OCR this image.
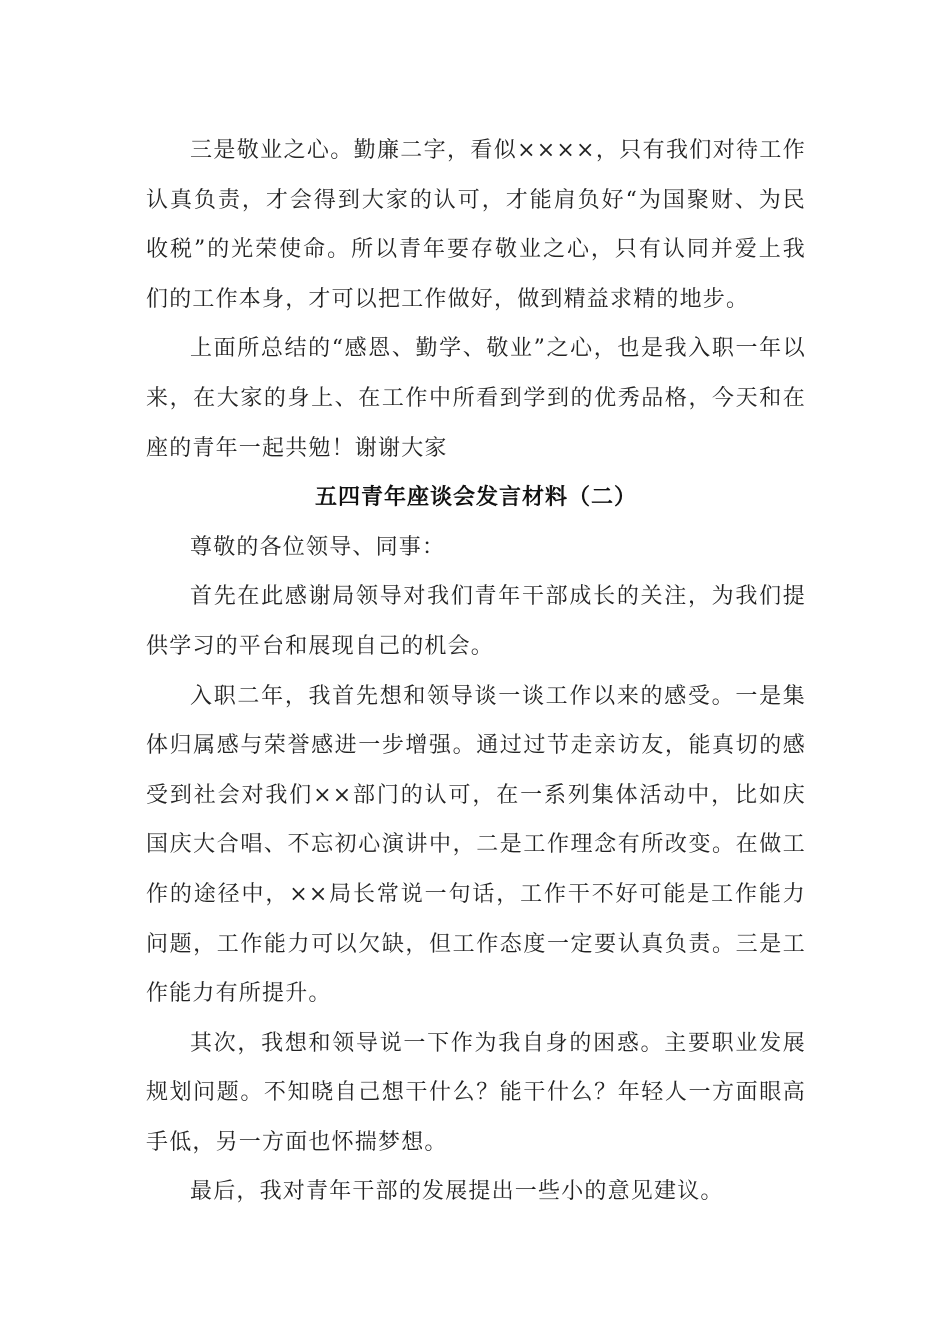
三是敬业之心。勤廉二字，看似××××，只有我们对待工作认真负责，才会得到大家的认可，才能肩负好“为国聚财、为民收税”的光荣使命。所以青年要存敬业之心，只有认同并爱上我们的工作本身，才可以把工作做好，做到精益求精的地步。

上面所总结的“感恩、勤学、敬业”之心，也是我入职一年以来，在大家的身上、在工作中所看到学到的优秀品格，今天和在座的青年一起共勉！谢谢大家

五四青年座谈会发言材料（二）

尊敬的各位领导、同事：

首先在此感谢局领导对我们青年干部成长的关注，为我们提供学习的平台和展现自己的机会。

入职二年，我首先想和领导谈一谈工作以来的感受。一是集体归属感与荣誉感进一步增强。通过过节走亲访友，能真切的感受到社会对我们××部门的认可，在一系列集体活动中，比如庆国庆大合唱、不忘初心演讲中，二是工作理念有所改变。在做工作的途径中，××局长常说一句话，工作干不好可能是工作能力问题，工作能力可以欠缺，但工作态度一定要认真负责。三是工作能力有所提升。

其次，我想和领导说一下作为我自身的困惑。主要职业发展规划问题。不知晓自己想干什么？能干什么？年轻人一方面眼高手低，另一方面也怀揣梦想。

最后，我对青年干部的发展提出一些小的意见建议。
